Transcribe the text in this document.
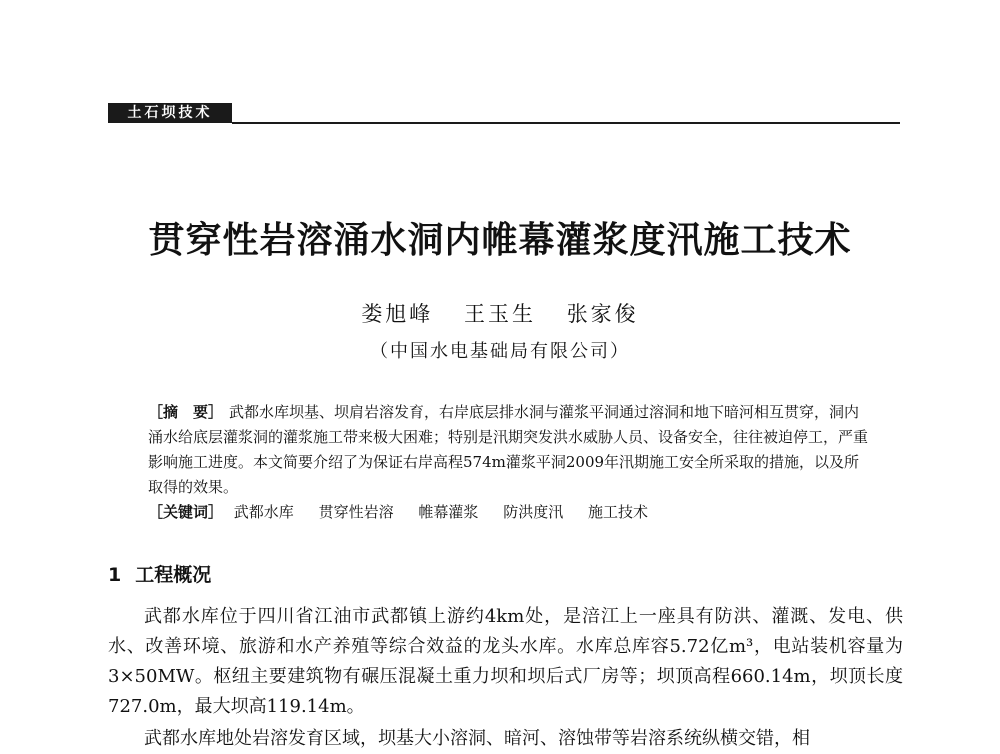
土石坝技术
贯穿性岩溶涌水洞内帷幕灌浆度汛施工技术
娄旭峰 王玉生 张家俊
（中国水电基础局有限公司）
［摘　要］ 武都水库坝基、坝肩岩溶发育，右岸底层排水洞与灌浆平洞通过溶洞和地下暗河相互贯穿，洞内涌水给底层灌浆洞的灌浆施工带来极大困难；特别是汛期突发洪水威胁人员、设备安全，往往被迫停工，严重影响施工进度。本文简要介绍了为保证右岸高程574m灌浆平洞2009年汛期施工安全所采取的措施，以及所取得的效果。
［关键词］ 武都水库 贯穿性岩溶 帷幕灌浆 防洪度汛 施工技术
1 工程概况

武都水库位于四川省江油市武都镇上游约4km处，是涪江上一座具有防洪、灌溉、发电、供水、改善环境、旅游和水产养殖等综合效益的龙头水库。水库总库容5.72亿m³，电站装机容量为3×50MW。枢纽主要建筑物有碾压混凝土重力坝和坝后式厂房等；坝顶高程660.14m，坝顶长度727.0m，最大坝高119.14m。

武都水库地处岩溶发育区域，坝基大小溶洞、暗河、溶蚀带等岩溶系统纵横交错，相
